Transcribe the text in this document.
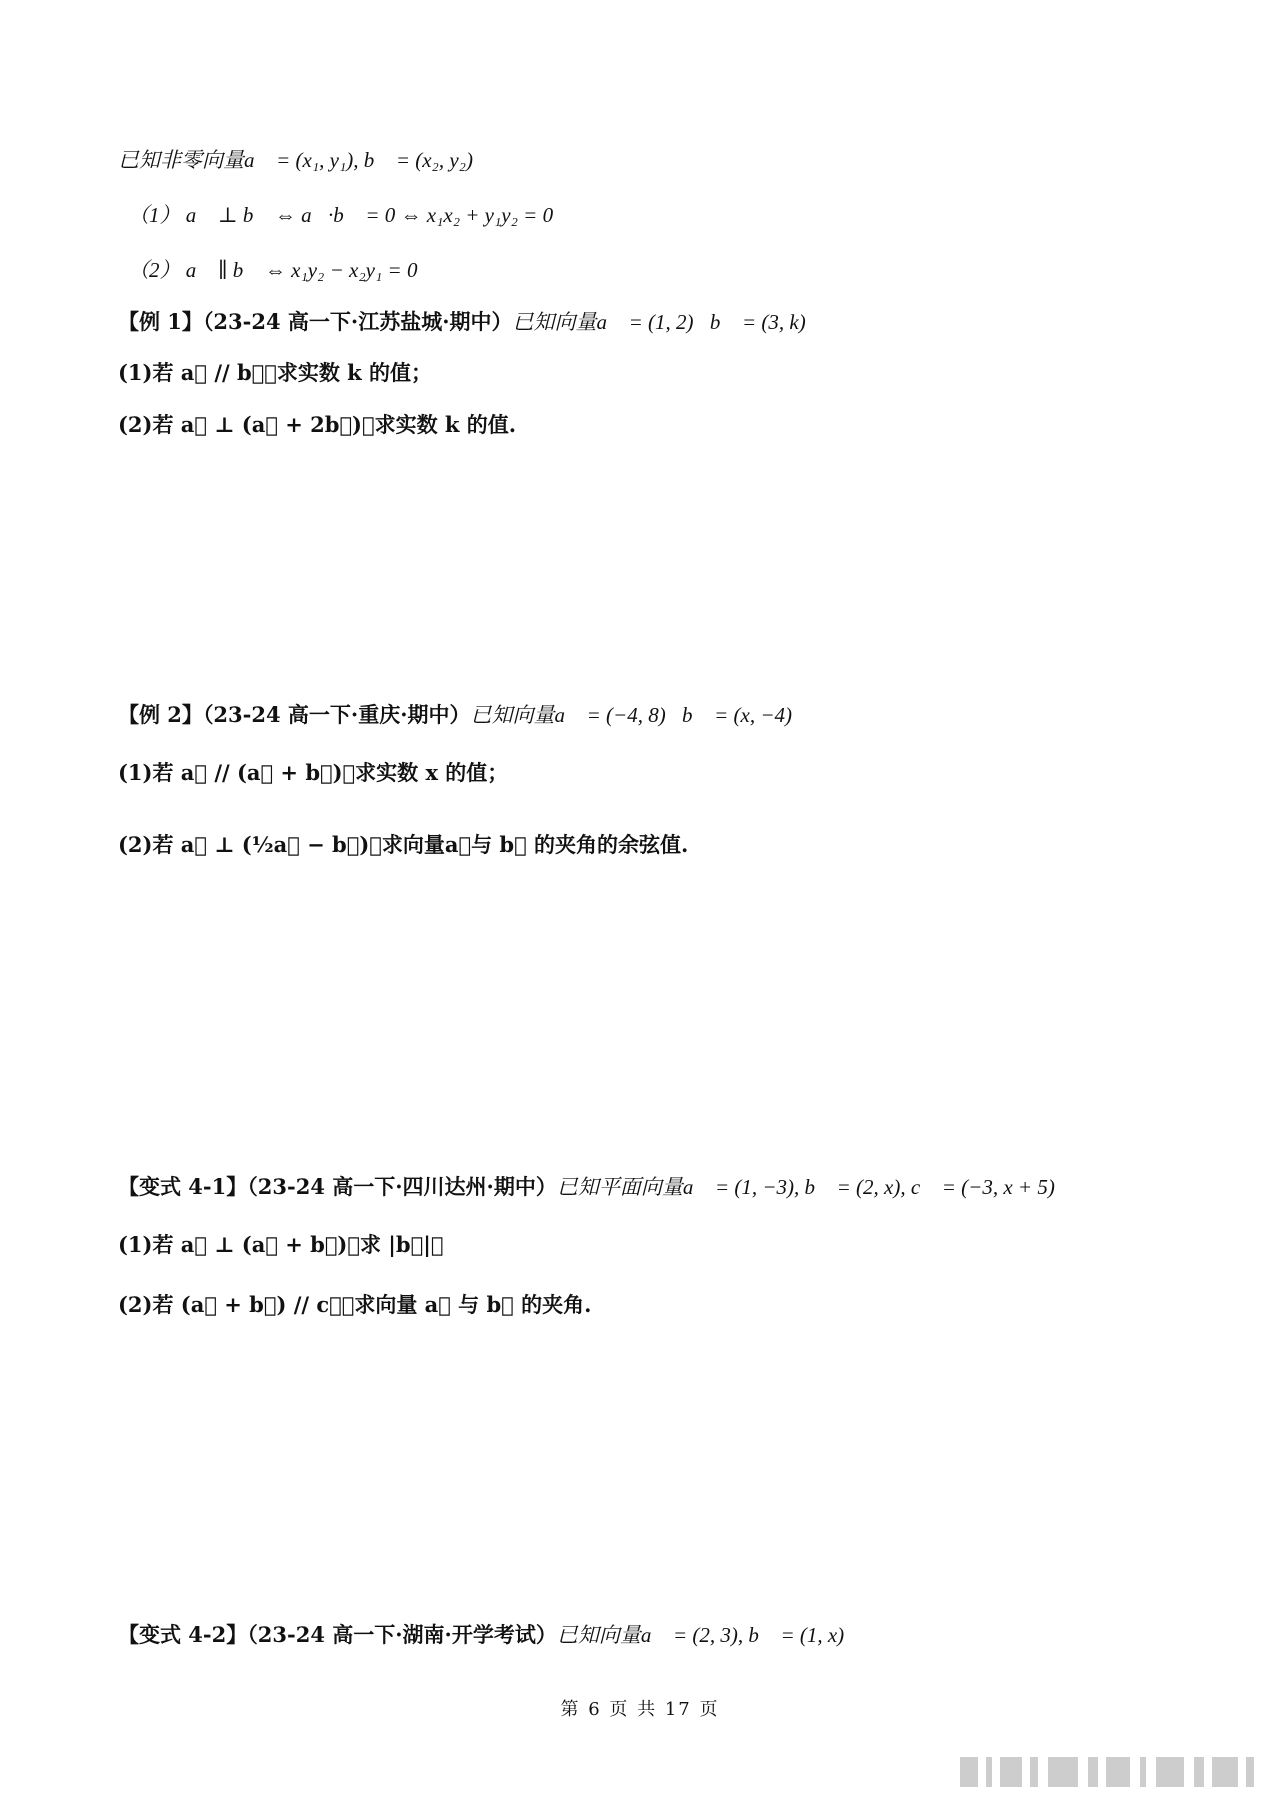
已知非零向量a⃗ = (x₁, y₁), b⃗ = (x₂, y₂)，
（1） a⃗ ⊥ b⃗ ⇔ a⃗·b⃗ = 0 ⇔ x₁x₂ + y₁y₂ = 0．
（2） a⃗ ∥ b⃗ ⇔ x₁y₂ − x₂y₁ = 0
【例 1】（23-24 高一下·江苏盐城·期中）已知向量a⃗ = (1, 2)，b⃗ = (3, k)．
(1)若 a⃗ // b⃗，求实数 k 的值；
(2)若 a⃗ ⊥ (a⃗ + 2b⃗)，求实数 k 的值.
【例 2】（23-24 高一下·重庆·期中）已知向量a⃗ = (−4, 8)，b⃗ = (x, −4)，
(1)若 a⃗ // (a⃗ + b⃗)，求实数 x 的值；
(2)若 a⃗ ⊥ (½a⃗ − b⃗)，求向量a⃗与 b⃗ 的夹角的余弦值.
【变式 4-1】（23-24 高一下·四川达州·期中）已知平面向量a⃗ = (1, −3), b⃗ = (2, x), c⃗ = (−3, x + 5)．
(1)若 a⃗ ⊥ (a⃗ + b⃗)，求 |b⃗|；
(2)若 (a⃗ + b⃗) // c⃗，求向量 a⃗ 与 b⃗ 的夹角.
【变式 4-2】（23-24 高一下·湖南·开学考试）已知向量a⃗ = (2, 3), b⃗ = (1, x)．
第 6 页 共 17 页
